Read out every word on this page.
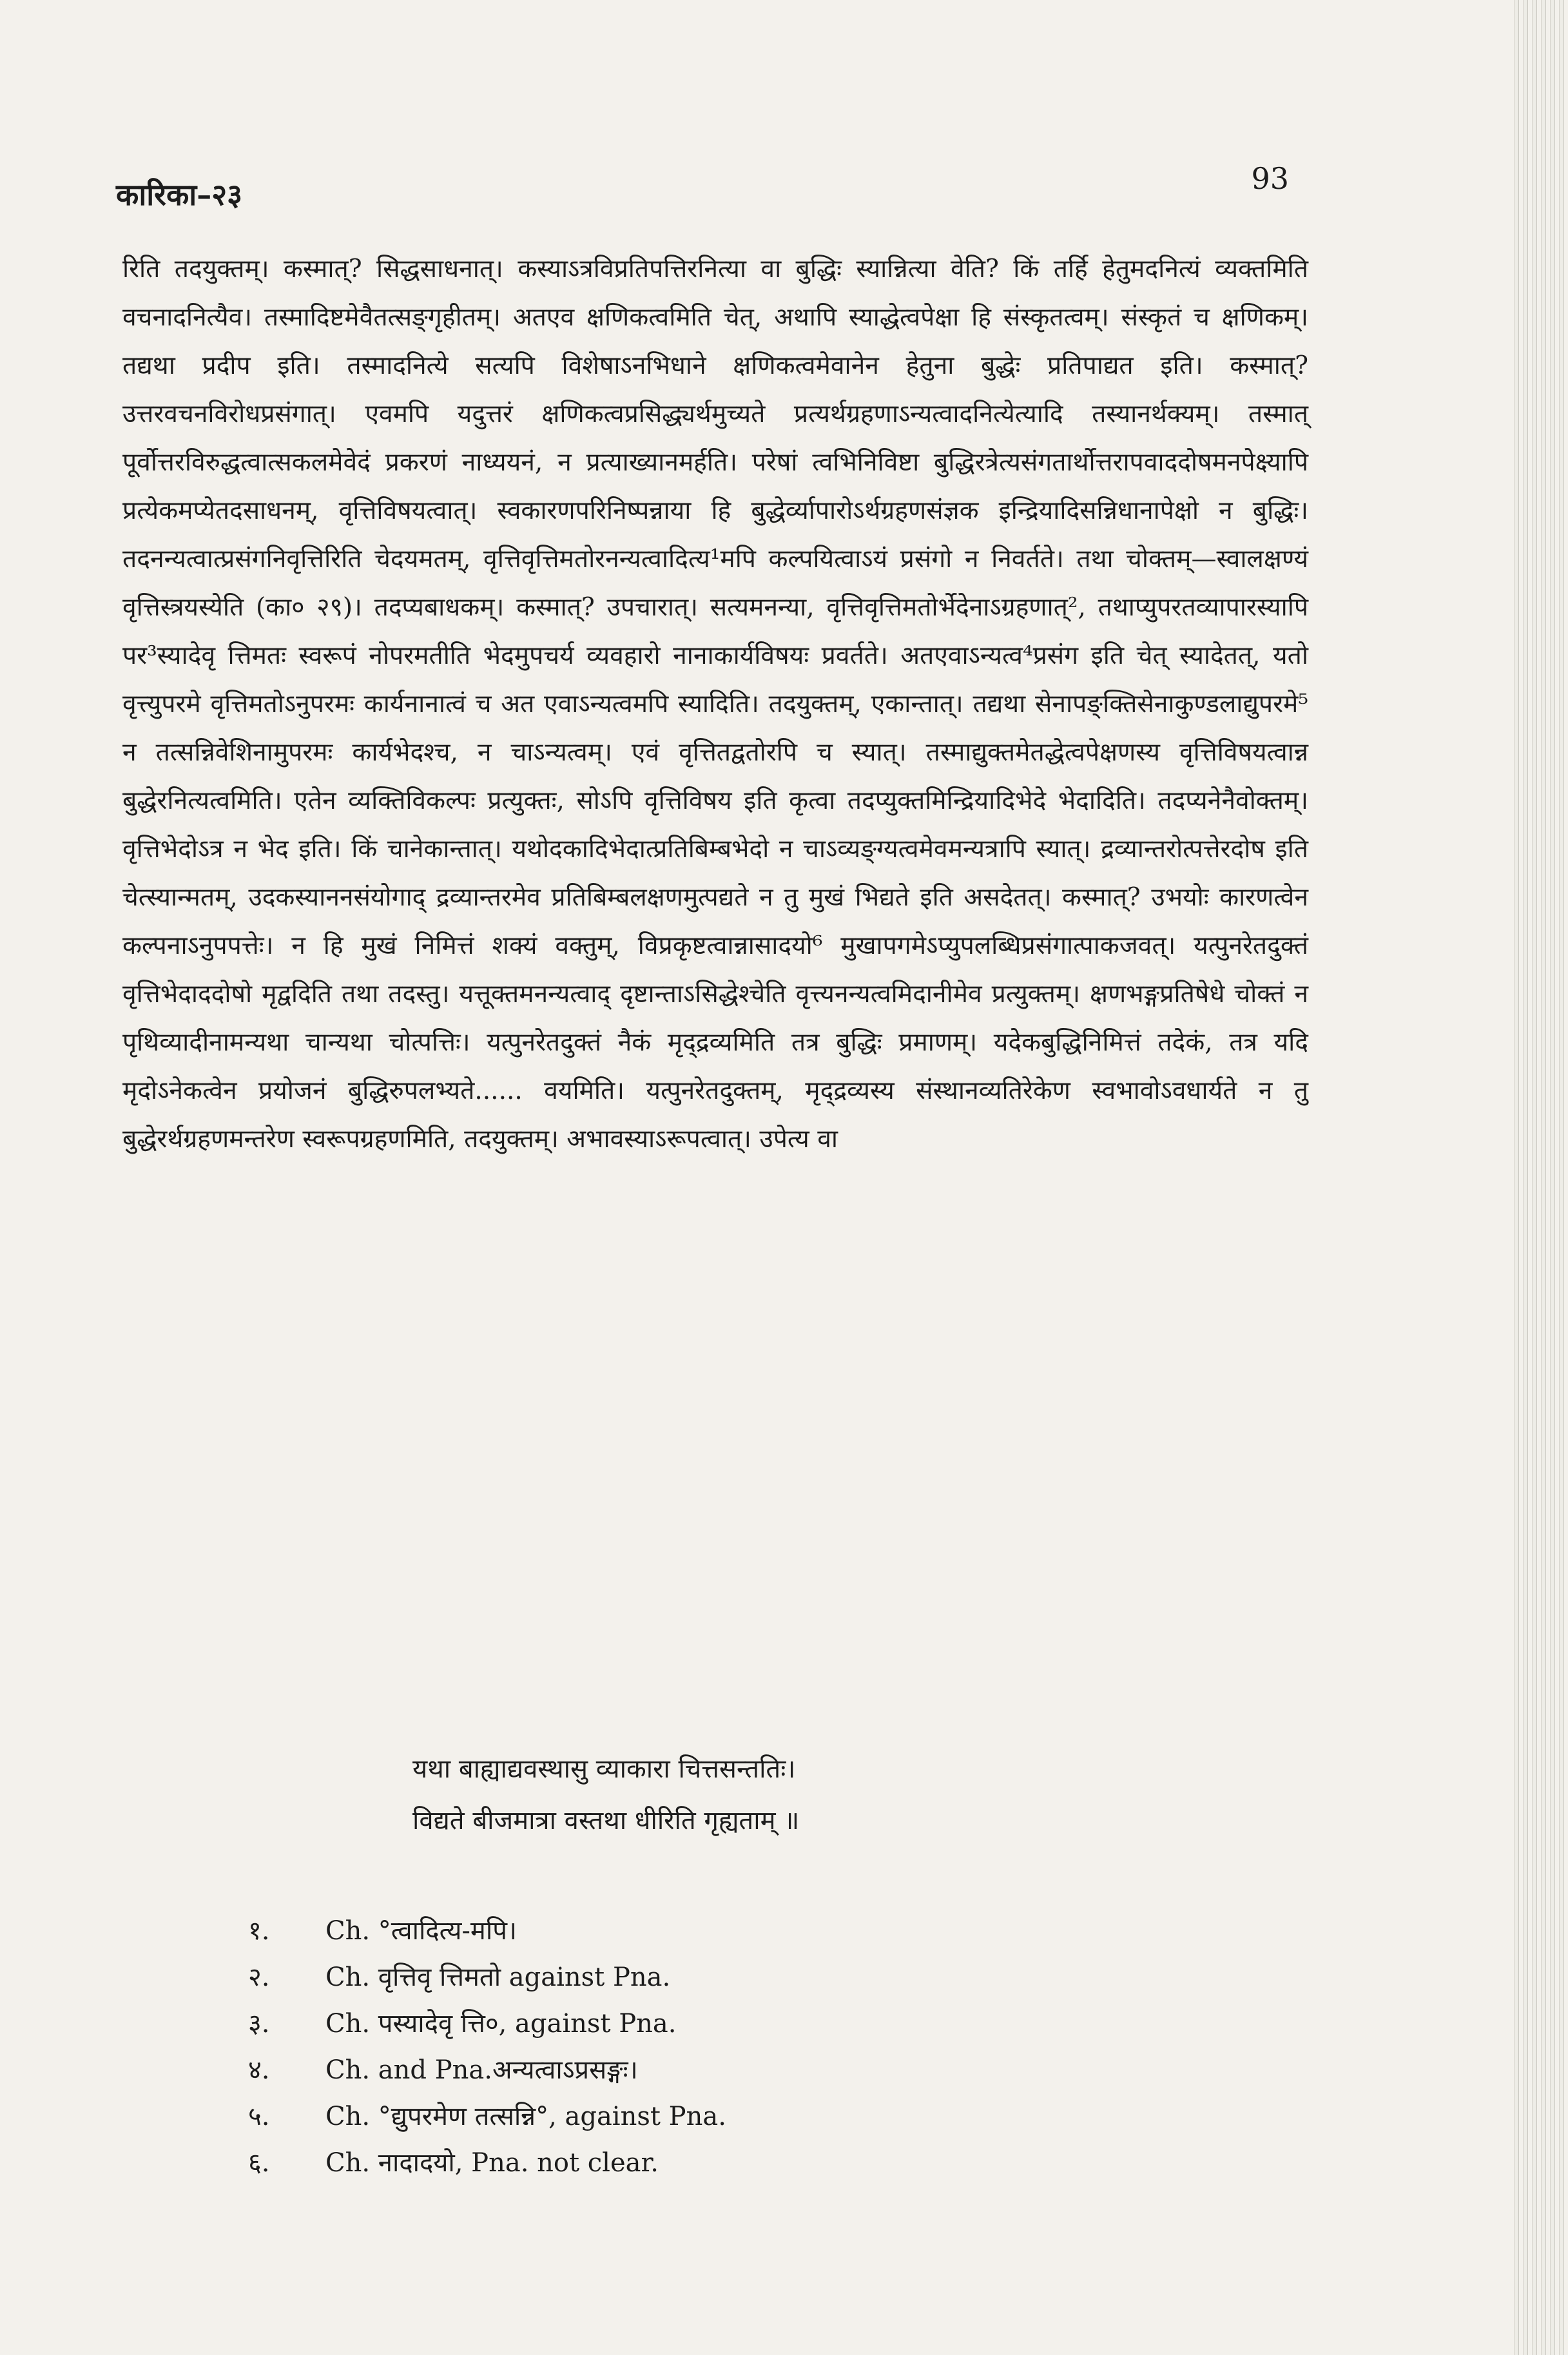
कारिका–२३	93
रिति तदयुक्तम्। कस्मात्? सिद्धसाधनात्। कस्याऽत्रविप्रतिपत्तिरनित्या वा बुद्धिः स्यान्नित्या वेति? किं तर्हि हेतुमदनित्यं व्यक्तमिति वचनादनित्यैव। तस्मादिष्टमेवैतत्सङ्गृहीतम्। अतएव क्षणिकत्वमिति चेत्, अथापि स्याद्धेत्वपेक्षा हि संस्कृतत्वम्। संस्कृतं च क्षणिकम्। तद्यथा प्रदीप इति। तस्मादनित्ये सत्यपि विशेषाऽनभिधाने क्षणिकत्वमेवानेन हेतुना बुद्धेः प्रतिपाद्यत इति। कस्मात्? उत्तरवचनविरोधप्रसंगात्। एवमपि यदुत्तरं क्षणिकत्वप्रसिद्ध्यर्थमुच्यते प्रत्यर्थग्रहणाऽन्यत्वादनित्येत्यादि तस्यानर्थक्यम्। तस्मात् पूर्वोत्तरविरुद्धत्वात्सकलमेवेदं प्रकरणं नाध्ययनं, न प्रत्याख्यानमर्हति। परेषां त्वभिनिविष्टा बुद्धिरत्रेत्यसंगतार्थोत्तरापवाददोषमनपेक्ष्यापि प्रत्येकमप्येतदसाधनम्, वृत्तिविषयत्वात्। स्वकारणपरिनिष्पन्नाया हि बुद्धेर्व्यापारोऽर्थग्रहणसंज्ञक इन्द्रियादिसन्निधानापेक्षो न बुद्धिः। तदनन्यत्वात्प्रसंगनिवृत्तिरिति चेदयमतम्, वृत्तिवृत्तिमतोरनन्यत्वादित्य¹मपि कल्पयित्वाऽयं प्रसंगो न निवर्तते। तथा चोक्तम्—स्वालक्षण्यं वृत्तिस्त्रयस्येति (का० २९)। तदप्यबाधकम्। कस्मात्? उपचारात्। सत्यमनन्या, वृत्तिवृत्तिमतोर्भेदेनाऽग्रहणात्², तथाप्युपरतव्यापारस्यापि पर³स्यादेवृ त्तिमतः स्वरूपं नोपरमतीति भेदमुपचर्य व्यवहारो नानाकार्यविषयः प्रवर्तते। अतएवाऽन्यत्व⁴प्रसंग इति चेत् स्यादेतत्, यतो वृत्त्युपरमे वृत्तिमतोऽनुपरमः कार्यनानात्वं च अत एवाऽन्यत्वमपि स्यादिति। तदयुक्तम्, एकान्तात्। तद्यथा सेनापङ्क्तिसेनाकुण्डलाद्युपरमे⁵ न तत्सन्निवेशिनामुपरमः कार्यभेदश्च, न चाऽन्यत्वम्। एवं वृत्तितद्वतोरपि च स्यात्। तस्माद्युक्तमेतद्धेत्वपेक्षणस्य वृत्तिविषयत्वान्न बुद्धेरनित्यत्वमिति। एतेन व्यक्तिविकल्पः प्रत्युक्तः, सोऽपि वृत्तिविषय इति कृत्वा तदप्युक्तमिन्द्रियादिभेदे भेदादिति। तदप्यनेनैवोक्तम्। वृत्तिभेदोऽत्र न भेद इति। किं चानेकान्तात्। यथोदकादिभेदात्प्रतिबिम्बभेदो न चाऽव्यङ्ग्यत्वमेवमन्यत्रापि स्यात्। द्रव्यान्तरोत्पत्तेरदोष इति चेत्स्यान्मतम्, उदकस्याननसंयोगाद् द्रव्यान्तरमेव प्रतिबिम्बलक्षणमुत्पद्यते न तु मुखं भिद्यते इति असदेतत्। कस्मात्? उभयोः कारणत्वेन कल्पनाऽनुपपत्तेः। न हि मुखं निमित्तं शक्यं वक्तुम्, विप्रकृष्टत्वान्नासादयो⁶ मुखापगमेऽप्युपलब्धिप्रसंगात्पाकजवत्। यत्पुनरेतदुक्तं वृत्तिभेदाददोषो मृद्वदिति तथा तदस्तु। यत्तूक्तमनन्यत्वाद् दृष्टान्ताऽसिद्धेश्चेति वृत्त्यनन्यत्वमिदानीमेव प्रत्युक्तम्। क्षणभङ्गप्रतिषेधे चोक्तं न पृथिव्यादीनामन्यथा चान्यथा चोत्पत्तिः। यत्पुनरेतदुक्तं नैकं मृद्द्रव्यमिति तत्र बुद्धिः प्रमाणम्। यदेकबुद्धिनिमित्तं तदेकं, तत्र यदि मृदोऽनेकत्वेन प्रयोजनं बुद्धिरुपलभ्यते...... वयमिति। यत्पुनरेतदुक्तम्, मृद्द्रव्यस्य संस्थानव्यतिरेकेण स्वभावोऽवधार्यते न तु बुद्धेरर्थग्रहणमन्तरेण स्वरूपग्रहणमिति, तदयुक्तम्। अभावस्याऽरूपत्वात्। उपेत्य वा
यथा बाह्याद्यवस्थासु व्याकारा चित्तसन्ततिः।
विद्यते बीजमात्रा वस्तथा धीरिति गृह्यताम् ॥
१.	Ch. °त्वादित्य-मपि।
२.	Ch. वृत्तिवृ त्तिमतो against Pna.
३.	Ch. पस्यादेवृ त्ति०, against Pna.
४.	Ch. and Pna.अन्यत्वाऽप्रसङ्गः।
५.	Ch. °द्युपरमेण तत्सन्नि°, against Pna.
६.	Ch. नादादयो, Pna. not clear.
